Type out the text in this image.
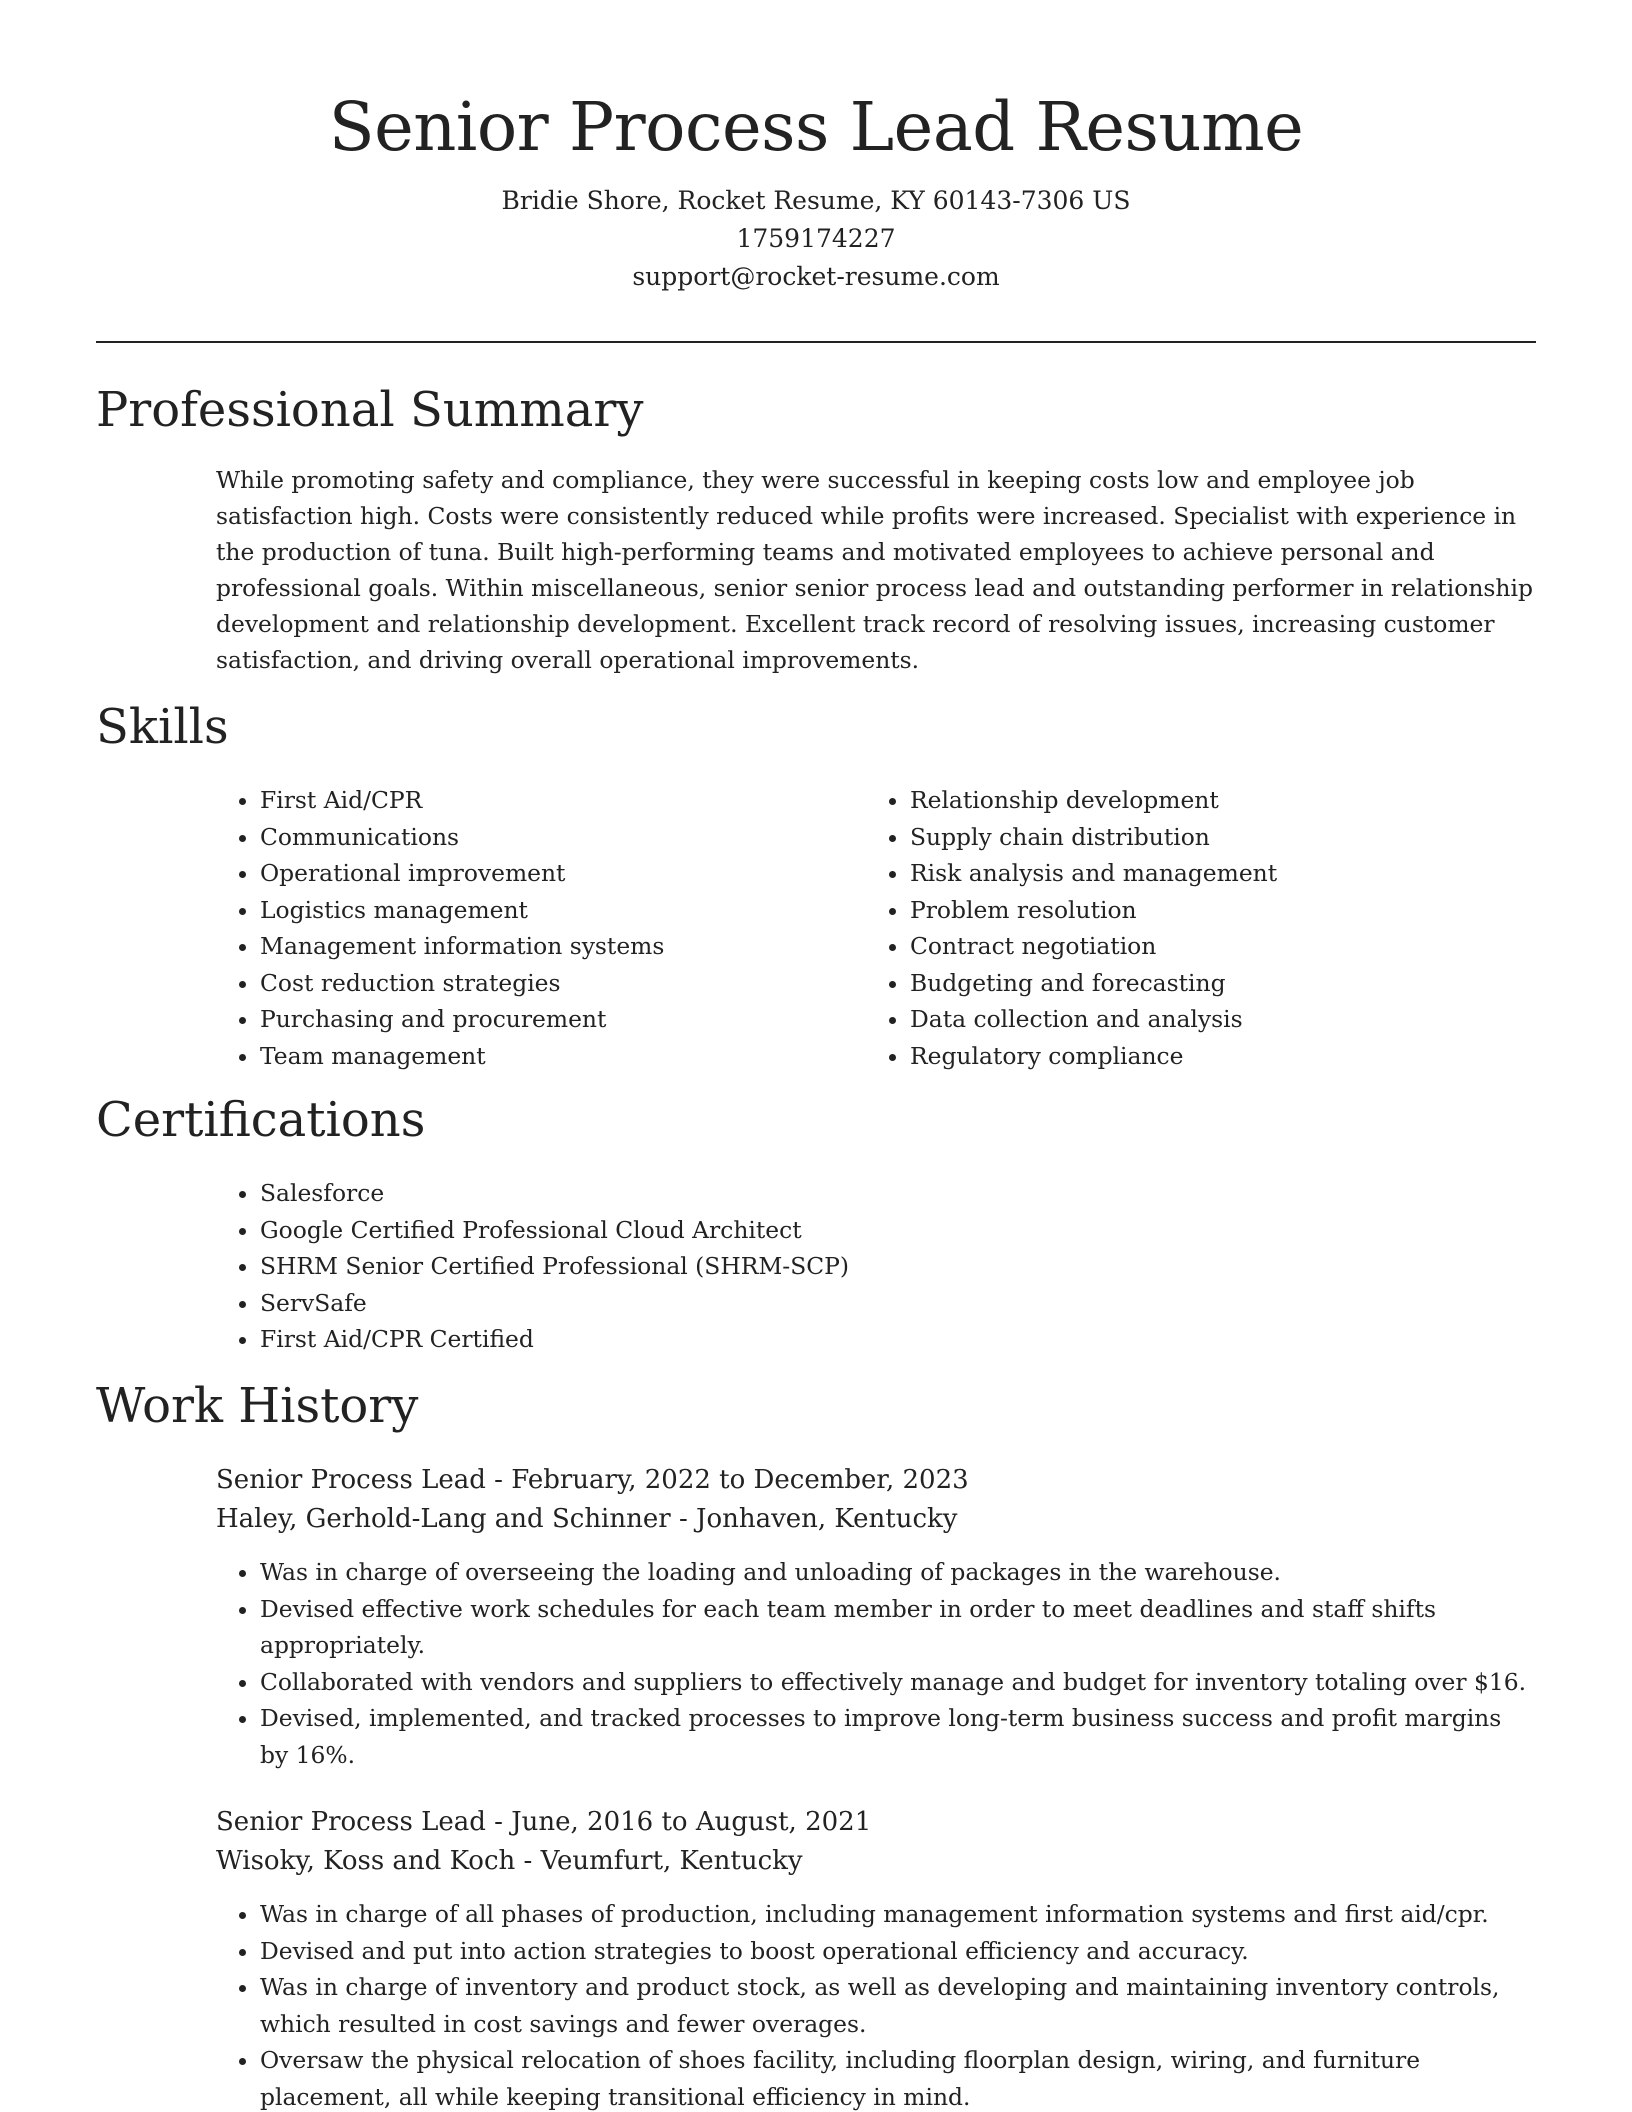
Senior Process Lead Resume
Bridie Shore, Rocket Resume, KY 60143-7306 US
1759174227
support@rocket-resume.com
Professional Summary

While promoting safety and compliance, they were successful in keeping costs low and employee job satisfaction high. Costs were consistently reduced while profits were increased. Specialist with experience in the production of tuna. Built high-performing teams and motivated employees to achieve personal and professional goals. Within miscellaneous, senior senior process lead and outstanding performer in relationship development and relationship development. Excellent track record of resolving issues, increasing customer satisfaction, and driving overall operational improvements.

Skills
• First Aid/CPR
• Communications
• Operational improvement
• Logistics management
• Management information systems
• Cost reduction strategies
• Purchasing and procurement
• Team management
• Relationship development
• Supply chain distribution
• Risk analysis and management
• Problem resolution
• Contract negotiation
• Budgeting and forecasting
• Data collection and analysis
• Regulatory compliance
Certifications
• Salesforce
• Google Certified Professional Cloud Architect
• SHRM Senior Certified Professional (SHRM-SCP)
• ServSafe
• First Aid/CPR Certified
Work History
Senior Process Lead - February, 2022 to December, 2023
Haley, Gerhold-Lang and Schinner - Jonhaven, Kentucky
• Was in charge of overseeing the loading and unloading of packages in the warehouse.
• Devised effective work schedules for each team member in order to meet deadlines and staff shifts appropriately.
• Collaborated with vendors and suppliers to effectively manage and budget for inventory totaling over $16.
• Devised, implemented, and tracked processes to improve long-term business success and profit margins by 16%.
Senior Process Lead - June, 2016 to August, 2021
Wisoky, Koss and Koch - Veumfurt, Kentucky
• Was in charge of all phases of production, including management information systems and first aid/cpr.
• Devised and put into action strategies to boost operational efficiency and accuracy.
• Was in charge of inventory and product stock, as well as developing and maintaining inventory controls, which resulted in cost savings and fewer overages.
• Oversaw the physical relocation of shoes facility, including floorplan design, wiring, and furniture placement, all while keeping transitional efficiency in mind.
